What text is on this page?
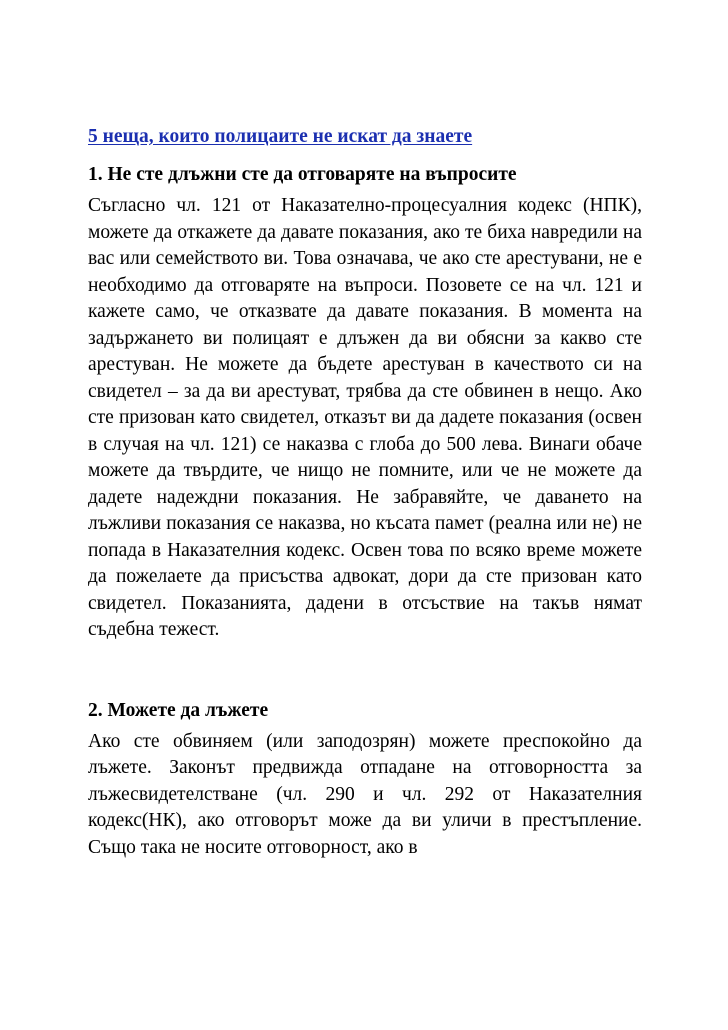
5 неща, които полицаите не искат да знаете
1. Не сте длъжни сте да отговаряте на въпросите

Съгласно чл. 121 от Наказателно-процесуалния кодекс (НПК), можете да откажете да давате показания, ако те биха навредили на вас или семейството ви. Това означава, че ако сте арестувани, не е необходимо да отговаряте на въпроси. Позовете се на чл. 121 и кажете само, че отказвате да давате показания. В момента на задържането ви полицаят е длъжен да ви обясни за какво сте арестуван. Не можете да бъдете арестуван в качеството си на свидетел – за да ви арестуват, трябва да сте обвинен в нещо. Ако сте призован като свидетел, отказът ви да дадете показания (освен в случая на чл. 121) се наказва с глоба до 500 лева. Винаги обаче можете да твърдите, че нищо не помните, или че не можете да дадете надеждни показания. Не забравяйте, че даването на лъжливи показания се наказва, но късата памет (реална или не) не попада в Наказателния кодекс. Освен това по всяко време можете да пожелаете да присъства адвокат, дори да сте призован като свидетел. Показанията, дадени в отсъствие на такъв нямат съдебна тежест.

2. Можете да лъжете

Ако сте обвиняем (или заподозрян) можете преспокойно да лъжете. Законът предвижда отпадане на отговорността за лъжесвидетелстване (чл. 290 и чл. 292 от Наказателния кодекс(НК), ако отговорът може да ви уличи в престъпление. Също така не носите отговорност, ако в
